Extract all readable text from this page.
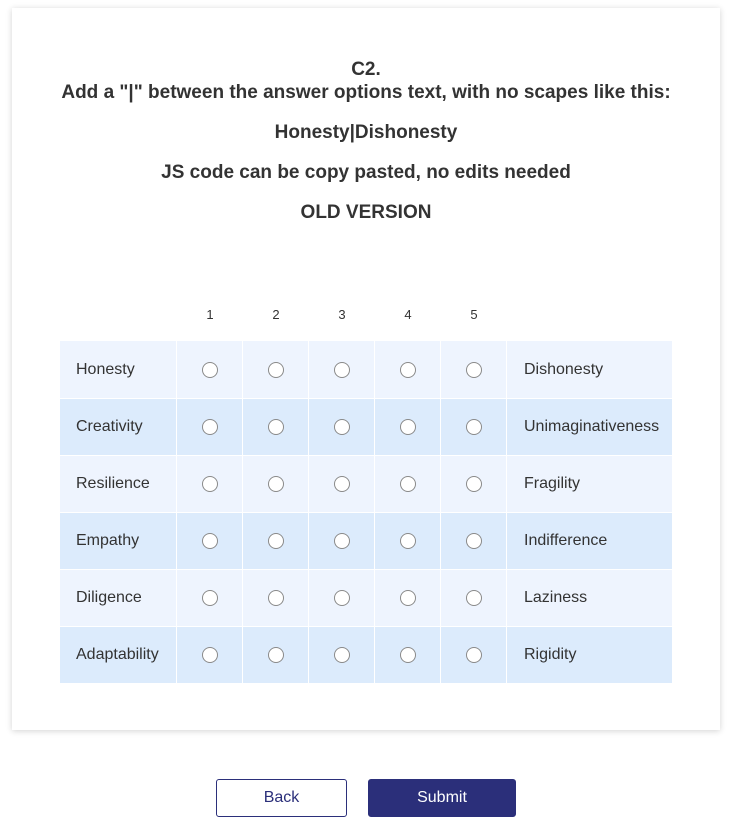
C2.
Add a "|" between the answer options text, with no scapes like this:
Honesty|Dishonesty
JS code can be copy pasted, no edits needed
OLD VERSION
1	2	3	4	5
Honesty	Dishonesty
Creativity	Unimaginativeness
Resilience	Fragility
Empathy	Indifference
Diligence	Laziness
Adaptability	Rigidity
Back	Submit
